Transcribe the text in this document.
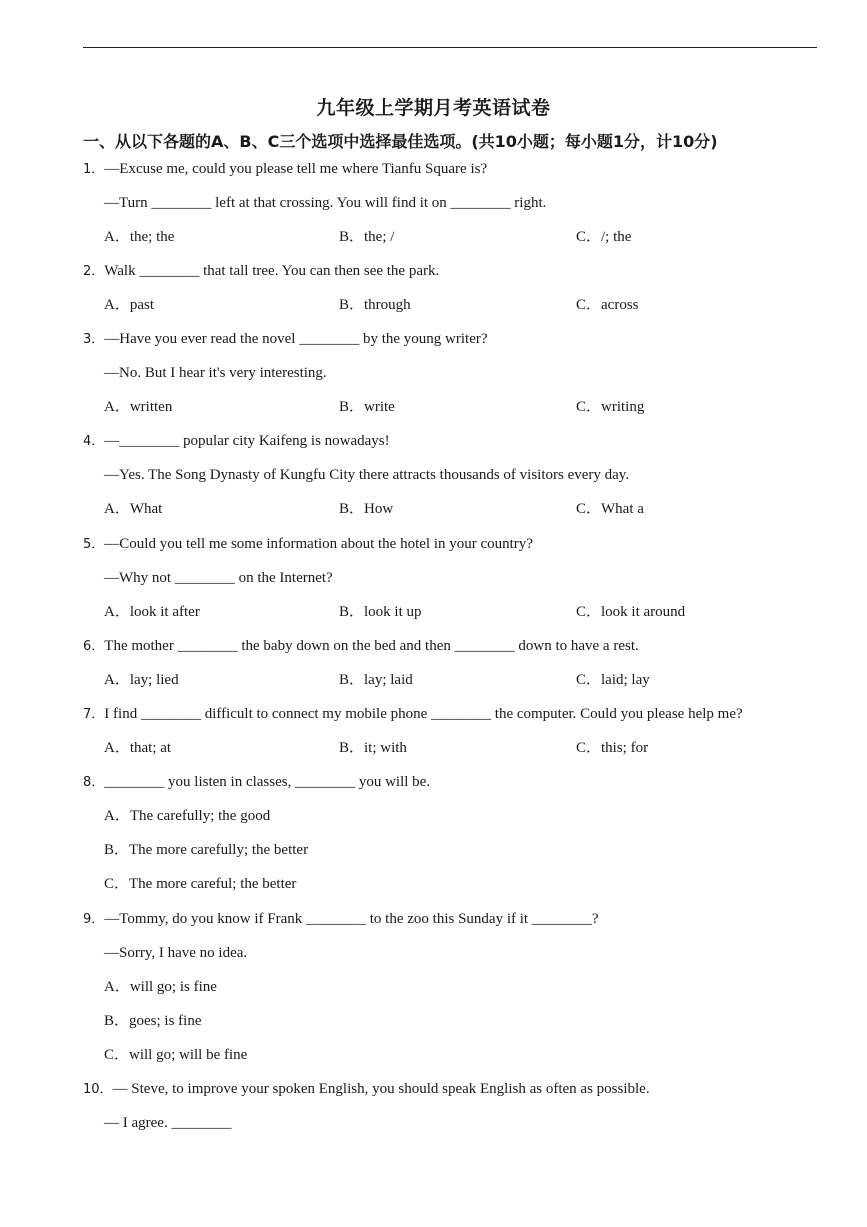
九年级上学期月考英语试卷
一、从以下各题的A、B、C三个选项中选择最佳选项。(共10小题；每小题1分，计10分)
1．—Excuse me, could you please tell me where Tianfu Square is?
—Turn ________ left at that crossing. You will find it on ________ right.
A．the; the	B．the; /	C．/; the
2．Walk ________ that tall tree. You can then see the park.
A．past	B．through	C．across
3．—Have you ever read the novel ________ by the young writer?
—No. But I hear it's very interesting.
A．written	B．write	C．writing
4．—________ popular city Kaifeng is nowadays!
—Yes. The Song Dynasty of Kungfu City there attracts thousands of visitors every day.
A．What	B．How	C．What a
5．—Could you tell me some information about the hotel in your country?
—Why not ________ on the Internet?
A．look it after	B．look it up	C．look it around
6．The mother ________ the baby down on the bed and then ________ down to have a rest.
A．lay; lied	B．lay; laid	C．laid; lay
7．I find ________ difficult to connect my mobile phone ________ the computer. Could you please help me?
A．that; at	B．it; with	C．this; for
8．________ you listen in classes, ________ you will be.
A．The carefully; the good
B．The more carefully; the better
C．The more careful; the better
9．—Tommy, do you know if Frank ________ to the zoo this Sunday if it ________?
—Sorry, I have no idea.
A．will go; is fine
B．goes; is fine
C．will go; will be fine
10．— Steve, to improve your spoken English, you should speak English as often as possible.
— I agree. ________
